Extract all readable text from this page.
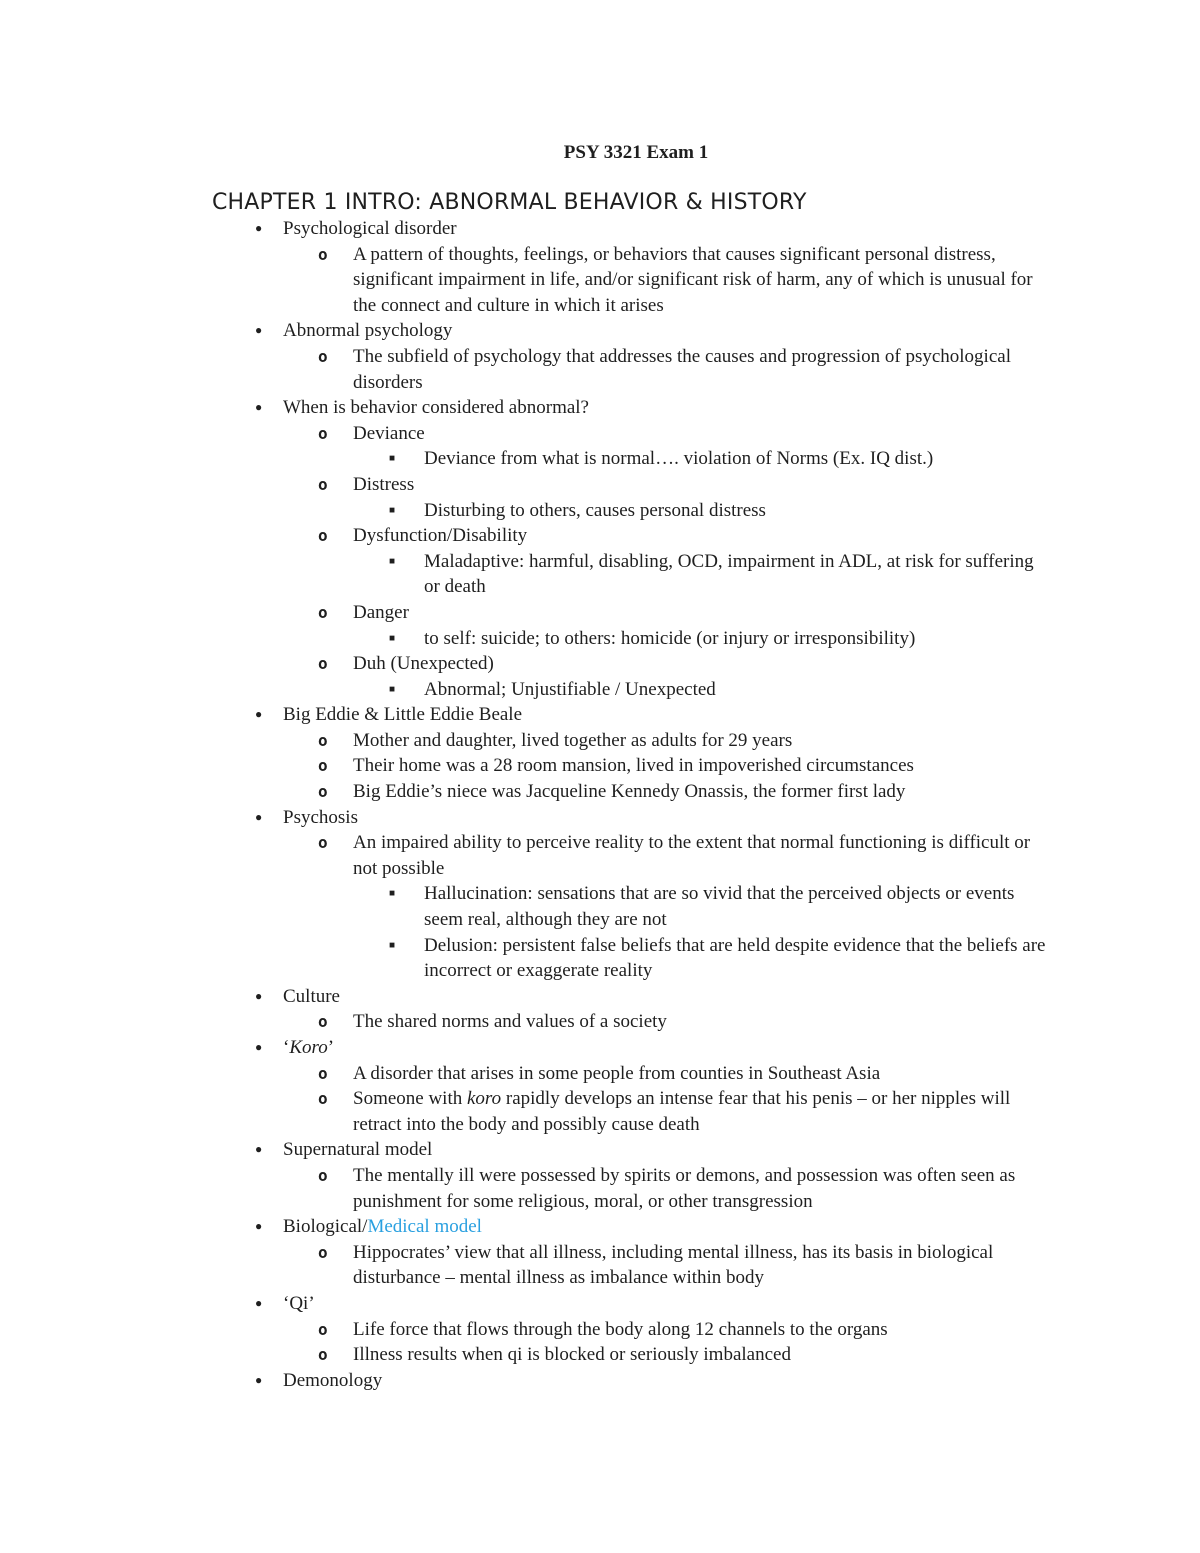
PSY 3321 Exam 1
CHAPTER 1 INTRO: ABNORMAL BEHAVIOR & HISTORY
● Psychological disorder
o A pattern of thoughts, feelings, or behaviors that causes significant personal distress, significant impairment in life, and/or significant risk of harm, any of which is unusual for the connect and culture in which it arises
● Abnormal psychology
o The subfield of psychology that addresses the causes and progression of psychological disorders
● When is behavior considered abnormal?
o Deviance
■ Deviance from what is normal…. violation of Norms (Ex. IQ dist.)
o Distress
■ Disturbing to others, causes personal distress
o Dysfunction/Disability
■ Maladaptive: harmful, disabling, OCD, impairment in ADL, at risk for suffering or death
o Danger
■ to self: suicide; to others: homicide (or injury or irresponsibility)
o Duh (Unexpected)
■ Abnormal; Unjustifiable / Unexpected
● Big Eddie & Little Eddie Beale
o Mother and daughter, lived together as adults for 29 years
o Their home was a 28 room mansion, lived in impoverished circumstances
o Big Eddie’s niece was Jacqueline Kennedy Onassis, the former first lady
● Psychosis
o An impaired ability to perceive reality to the extent that normal functioning is difficult or not possible
■ Hallucination: sensations that are so vivid that the perceived objects or events seem real, although they are not
■ Delusion: persistent false beliefs that are held despite evidence that the beliefs are incorrect or exaggerate reality
● Culture
o The shared norms and values of a society
● ‘Koro’
o A disorder that arises in some people from counties in Southeast Asia
o Someone with koro rapidly develops an intense fear that his penis – or her nipples will retract into the body and possibly cause death
● Supernatural model
o The mentally ill were possessed by spirits or demons, and possession was often seen as punishment for some religious, moral, or other transgression
● Biological/Medical model
o Hippocrates’ view that all illness, including mental illness, has its basis in biological disturbance – mental illness as imbalance within body
● ‘Qi’
o Life force that flows through the body along 12 channels to the organs
o Illness results when qi is blocked or seriously imbalanced
● Demonology
